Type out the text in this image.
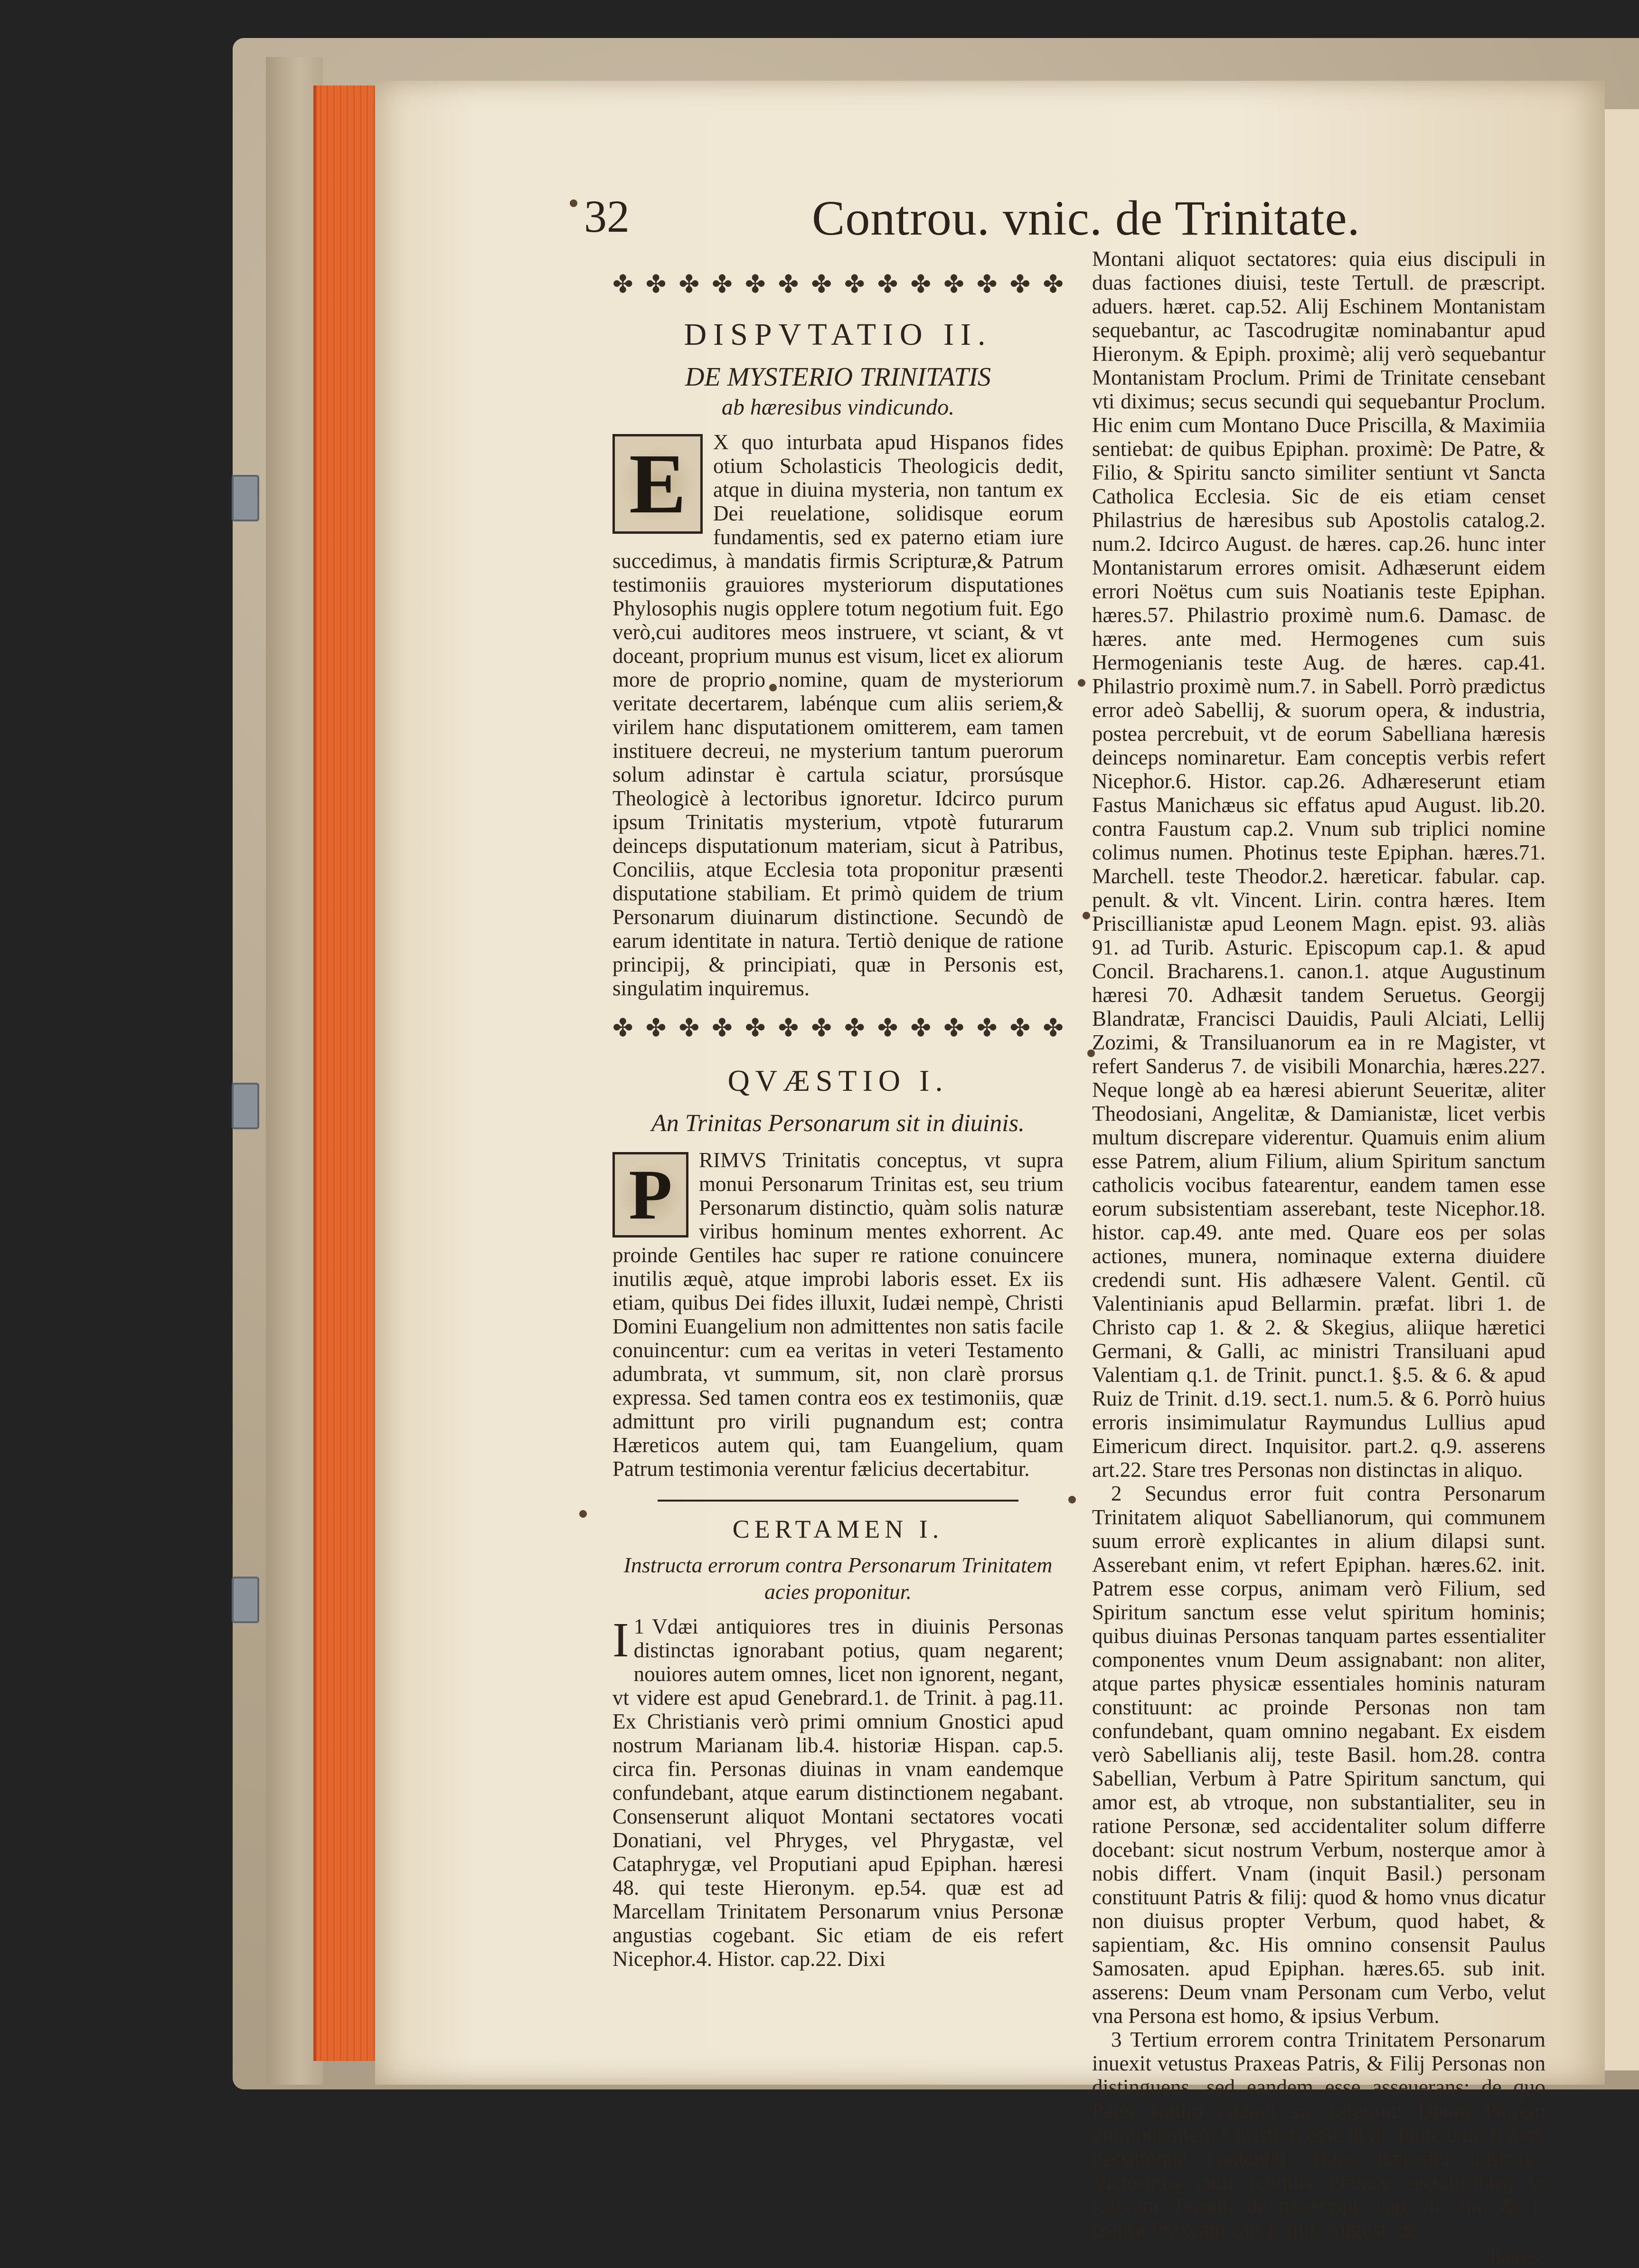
32	Controu. vnic. de Trinitate.
✤ ✤ ✤ ✤ ✤ ✤ ✤ ✤ ✤ ✤ ✤ ✤ ✤ ✤
DISPVTATIO II.
DE MYSTERIO TRINITATIS
ab hæresibus vindicundo.

E X quo inturbata apud Hispanos fides otium Scholasticis Theologicis dedit, atque in diuina mysteria, non tantum ex Dei reuelatione, solidisque eorum fundamentis, sed ex paterno etiam iure succedimus, à mandatis firmis Scripturæ,& Patrum testimoniis grauiores mysteriorum disputationes Phylosophis nugis opplere totum negotium fuit. Ego verò,cui auditores meos instruere, vt sciant, & vt doceant, proprium munus est visum, licet ex aliorum more de proprio nomine, quam de mysteriorum veritate decertarem, labénque cum aliis seriem,& virilem hanc disputationem omitterem, eam tamen instituere decreui, ne mysterium tantum puerorum solum adinstar è cartula sciatur, prorsúsque Theologicè à lectoribus ignoretur. Idcirco purum ipsum Trinitatis mysterium, vtpotè futurarum deinceps disputationum materiam, sicut à Patribus, Conciliis, atque Ecclesia tota proponitur præsenti disputatione stabiliam. Et primò quidem de trium Personarum diuinarum distinctione. Secundò de earum identitate in natura. Tertiò denique de ratione principij, & principiati, quæ in Personis est, singulatim inquiremus.

✤ ✤ ✤ ✤ ✤ ✤ ✤ ✤ ✤ ✤ ✤ ✤ ✤ ✤
QVÆSTIO I.
An Trinitas Personarum sit in diuinis.

P RIMVS Trinitatis conceptus, vt supra monui Personarum Trinitas est, seu trium Personarum distinctio, quàm solis naturæ viribus hominum mentes exhorrent. Ac proinde Gentiles hac super re ratione conuincere inutilis æquè, atque improbi laboris esset. Ex iis etiam, quibus Dei fides illuxit, Iudæi nempè, Christi Domini Euangelium non admittentes non satis facile conuincentur: cum ea veritas in veteri Testamento adumbrata, vt summum, sit, non clarè prorsus expressa. Sed tamen contra eos ex testimoniis, quæ admittunt pro virili pugnandum est; contra Hæreticos autem qui, tam Euangelium, quam Patrum testimonia verentur fælicius decertabitur.

CERTAMEN I.
Instructa errorum contra Personarum Trinitatem acies proponitur.

1
I Vdæi antiquiores tres in diuinis Personas distinctas ignorabant potius, quam negarent; nouiores autem omnes, licet non ignorent, negant, vt videre est apud Genebrard.1. de Trinit. à pag.11. Ex Christianis verò primi omnium Gnostici apud nostrum Marianam lib.4. historiæ Hispan. cap.5. circa fin. Personas diuinas in vnam eandemque confundebant, atque earum distinctionem negabant. Consenserunt aliquot Montani sectatores vocati Donatiani, vel Phryges, vel Phrygastæ, vel Cataphrygæ, vel Proputiani apud Epiphan. hæresi 48. qui teste Hieronym. ep.54. quæ est ad Marcellam Trinitatem Personarum vnius Personæ angustias cogebant. Sic etiam de eis refert Nicephor.4. Histor. cap.22. Dixi

Montani aliquot sectatores: quia eius discipuli in duas factiones diuisi, teste Tertull. de præscript. aduers. hæret. cap.52. Alij Eschinem Montanistam sequebantur, ac Tascodrugitæ nominabantur apud Hieronym. & Epiph. proximè; alij verò sequebantur Montanistam Proclum. Primi de Trinitate censebant vti diximus; secus secundi qui sequebantur Proclum. Hic enim cum Montano Duce Priscilla, & Maximiia sentiebat: de quibus Epiphan. proximè: De Patre, & Filio, & Spiritu sancto similiter sentiunt vt Sancta Catholica Ecclesia. Sic de eis etiam censet Philastrius de hæresibus sub Apostolis catalog.2. num.2. Idcirco August. de hæres. cap.26. hunc inter Montanistarum errores omisit. Adhæserunt eidem errori Noëtus cum suis Noatianis teste Epiphan. hæres.57. Philastrio proximè num.6. Damasc. de hæres. ante med. Hermogenes cum suis Hermogenianis teste Aug. de hæres. cap.41. Philastrio proximè num.7. in Sabell. Porrò prædictus error adeò Sabellij, & suorum opera, & industria, postea percrebuit, vt de eorum Sabelliana hæresis deinceps nominaretur. Eam conceptis verbis refert Nicephor.6. Histor. cap.26. Adhæreserunt etiam Fastus Manichæus sic effatus apud August. lib.20. contra Faustum cap.2. Vnum sub triplici nomine colimus numen. Photinus teste Epiphan. hæres.71. Marchell. teste Theodor.2. hæreticar. fabular. cap. penult. & vlt. Vincent. Lirin. contra hæres. Item Priscillianistæ apud Leonem Magn. epist. 93. aliàs 91. ad Turib. Asturic. Episcopum cap.1. & apud Concil. Bracharens.1. canon.1. atque Augustinum hæresi 70. Adhæsit tandem Seruetus. Georgij Blandratæ, Francisci Dauidis, Pauli Alciati, Lellij Zozimi, & Transiluanorum ea in re Magister, vt refert Sanderus 7. de visibili Monarchia, hæres.227. Neque longè ab ea hæresi abierunt Seueritæ, aliter Theodosiani, Angelitæ, & Damianistæ, licet verbis multum discrepare viderentur. Quamuis enim alium esse Patrem, alium Filium, alium Spiritum sanctum catholicis vocibus fatearentur, eandem tamen esse eorum subsistentiam asserebant, teste Nicephor.18. histor. cap.49. ante med. Quare eos per solas actiones, munera, nominaque externa diuidere credendi sunt. His adhæsere Valent. Gentil. cũ Valentinianis apud Bellarmin. præfat. libri 1. de Christo cap 1. & 2. & Skegius, aliique hæretici Germani, & Galli, ac ministri Transiluani apud Valentiam q.1. de Trinit. punct.1. §.5. & 6. & apud Ruiz de Trinit. d.19. sect.1. num.5. & 6. Porrò huius erroris insimimulatur Raymundus Lullius apud Eimericum direct. Inquisitor. part.2. q.9. asserens art.22. Stare tres Personas non distinctas in aliquo.

2 Secundus error fuit contra Personarum Trinitatem aliquot Sabellianorum, qui communem suum errorè explicantes in alium dilapsi sunt. Asserebant enim, vt refert Epiphan. hæres.62. init. Patrem esse corpus, animam verò Filium, sed Spiritum sanctum esse velut spiritum hominis; quibus diuinas Personas tanquam partes essentialiter componentes vnum Deum assignabant: non aliter, atque partes physicæ essentiales hominis naturam constituunt: ac proinde Personas non tam confundebant, quam omnino negabant. Ex eisdem verò Sabellianis alij, teste Basil. hom.28. contra Sabellian, Verbum à Patre Spiritum sanctum, qui amor est, ab vtroque, non substantialiter, seu in ratione Personæ, sed accidentaliter solum differre docebant: sicut nostrum Verbum, nosterque amor à nobis differt. Vnam (inquit Basil.) personam constituunt Patris & filij: quod & homo vnus dicatur non diuisus propter Verbum, quod habet, & sapientiam, &c. His omnino consensit Paulus Samosaten. apud Epiphan. hæres.65. sub init. asserens: Deum vnam Personam cum Verbo, velut vna Persona est homo, & ipsius Verbum.

3 Tertium errorem contra Trinitatem Personarum inuexit vetustus Praxeas Patris, & Filij Personas non distinguens, sed eandem esse asseuerans: de quo Pater statim citandi sic referunt: Deum Patrem omnipotentem Christum esse dixit: hunc crucifixum, passumque contendit. Hanc hæresim adstruxit Victorinus cum reliquis Praxeæ sectatoribus, vt referunt Tertull. de præscript. cap vlt. fin. & 1. contra Praxeam cap.1. init. August. de

hæres.
